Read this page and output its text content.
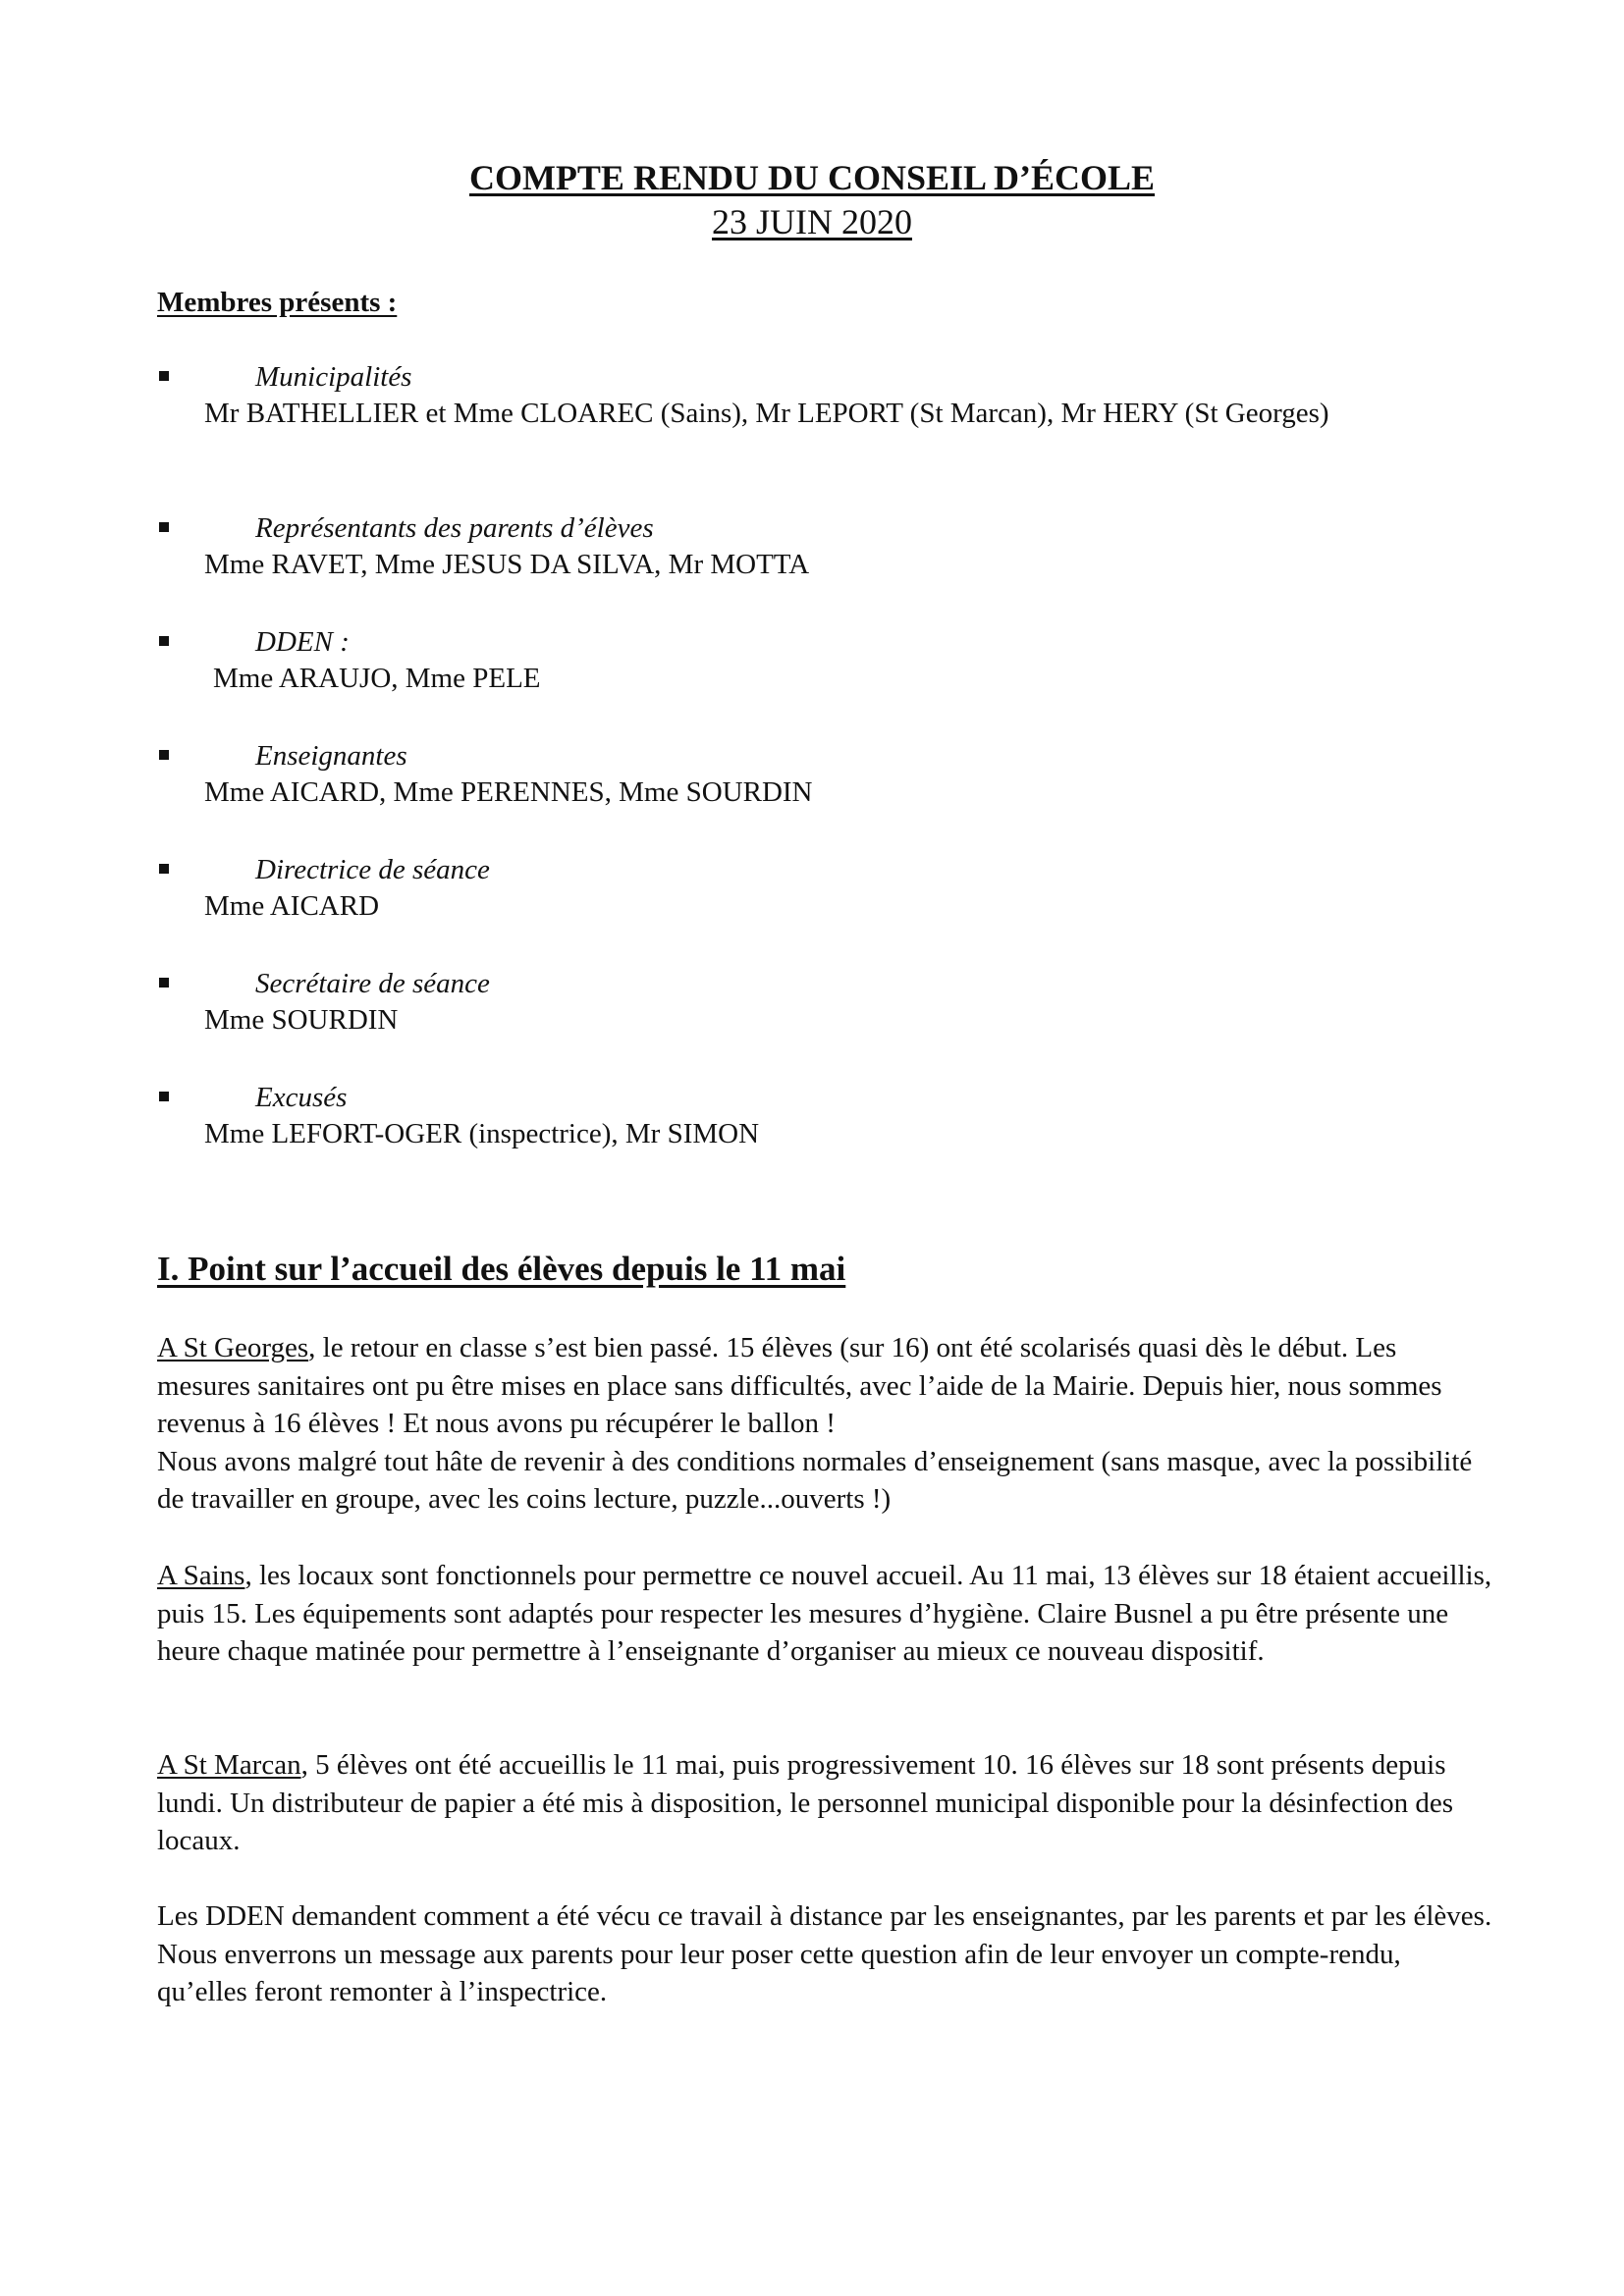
COMPTE RENDU DU CONSEIL D’ÉCOLE
23 JUIN 2020
Membres présents :
Municipalités
Mr BATHELLIER et Mme CLOAREC (Sains), Mr LEPORT (St Marcan), Mr HERY (St Georges)
Représentants des parents d’élèves
Mme RAVET, Mme JESUS DA SILVA, Mr MOTTA
DDEN :
Mme ARAUJO, Mme PELE
Enseignantes
Mme AICARD, Mme PERENNES, Mme SOURDIN
Directrice de séance
Mme AICARD
Secrétaire de séance
Mme SOURDIN
Excusés
Mme LEFORT-OGER (inspectrice), Mr SIMON
I. Point sur l’accueil des élèves depuis le 11 mai

A St Georges, le retour en classe s’est bien passé. 15 élèves (sur 16) ont été scolarisés quasi dès le début. Les mesures sanitaires ont pu être mises en place sans difficultés, avec l’aide de la Mairie. Depuis hier, nous sommes revenus à 16 élèves ! Et nous avons pu récupérer le ballon !
Nous avons malgré tout hâte de revenir à des conditions normales d’enseignement (sans masque, avec la possibilité de travailler en groupe, avec les coins lecture, puzzle...ouverts !)

A Sains, les locaux sont fonctionnels pour permettre ce nouvel accueil. Au 11 mai, 13 élèves sur 18 étaient accueillis, puis 15. Les équipements sont adaptés pour respecter les mesures d’hygiène. Claire Busnel a pu être présente une heure chaque matinée pour permettre à l’enseignante d’organiser au mieux ce nouveau dispositif.

A St Marcan, 5 élèves ont été accueillis le 11 mai, puis progressivement 10. 16 élèves sur 18 sont présents depuis lundi. Un distributeur de papier a été mis à disposition, le personnel municipal disponible pour la désinfection des locaux.

Les DDEN demandent comment a été vécu ce travail à distance par les enseignantes, par les parents et par les élèves. Nous enverrons un message aux parents pour leur poser cette question afin de leur envoyer un compte-rendu, qu’elles feront remonter à l’inspectrice.
